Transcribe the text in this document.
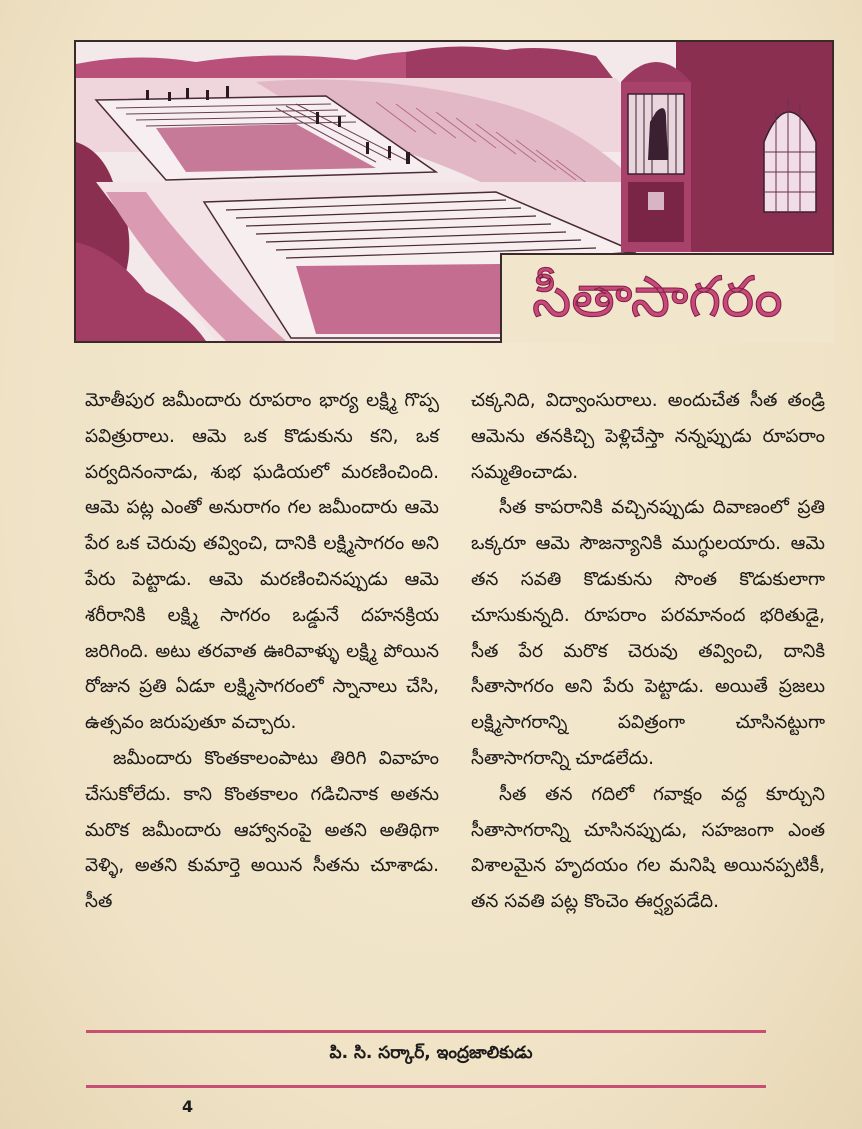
సీతాసాగరం

మోతీపుర జమీందారు రూపరాం భార్య లక్ష్మి గొప్ప పవిత్రురాలు. ఆమె ఒక కొడుకును కని, ఒక పర్వదినంనాడు, శుభ ఘడియలో మరణించింది. ఆమె పట్ల ఎంతో అనురాగం గల జమీందారు ఆమె పేర ఒక చెరువు తవ్వించి, దానికి లక్ష్మిసాగరం అని పేరు పెట్టాడు. ఆమె మరణించినప్పుడు ఆమె శరీరానికి లక్ష్మి సాగరం ఒడ్డునే దహనక్రియ జరిగింది. అటు తరవాత ఊరివాళ్ళు లక్ష్మి పోయిన రోజున ప్రతి ఏడూ లక్ష్మిసాగరంలో స్నానాలు చేసి, ఉత్సవం జరుపుతూ వచ్చారు.

జమీందారు కొంతకాలంపాటు తిరిగి వివాహం చేసుకోలేదు. కాని కొంతకాలం గడిచినాక అతను మరొక జమీందారు ఆహ్వానంపై అతని అతిథిగా వెళ్ళి, అతని కుమార్తె అయిన సీతను చూశాడు. సీత

చక్కనిది, విద్వాంసురాలు. అందుచేత సీత తండ్రి ఆమెను తనకిచ్చి పెళ్లిచేస్తా నన్నప్పుడు రూపరాం సమ్మతించాడు.

సీత కాపరానికి వచ్చినప్పుడు దివాణంలో ప్రతి ఒక్కరూ ఆమె సౌజన్యానికి ముగ్ధులయారు. ఆమె తన సవతి కొడుకును సొంత కొడుకులాగా చూసుకున్నది. రూపరాం పరమానంద భరితుడై, సీత పేర మరొక చెరువు తవ్వించి, దానికి సీతాసాగరం అని పేరు పెట్టాడు. అయితే ప్రజలు లక్ష్మిసాగరాన్ని పవిత్రంగా చూసినట్టుగా సీతాసాగరాన్ని చూడలేదు.

సీత తన గదిలో గవాక్షం వద్ద కూర్చుని సీతాసాగరాన్ని చూసినప్పుడు, సహజంగా ఎంత విశాలమైన హృదయం గల మనిషి అయినప్పటికీ, తన సవతి పట్ల కొంచెం ఈర్ష్యపడేది.

పి. సి. సర్కార్, ఇంద్రజాలికుడు
4
